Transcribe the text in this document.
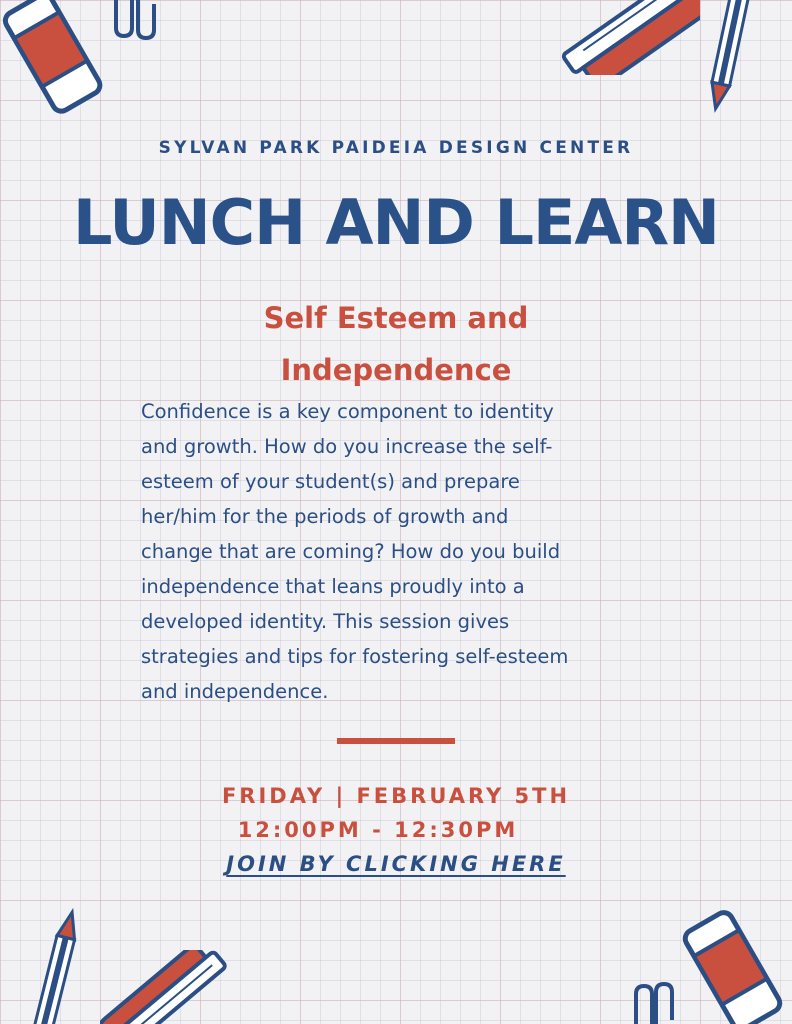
SYLVAN PARK PAIDEIA DESIGN CENTER
LUNCH AND LEARN
Self Esteem and
Independence
Confidence is a key component to identity
and growth. How do you increase the self-
esteem of your student(s) and prepare
her/him for the periods of growth and
change that are coming? How do you build
independence that leans proudly into a
developed identity. This session gives
strategies and tips for fostering self-esteem
and independence.
FRIDAY | FEBRUARY 5TH
12:00PM - 12:30PM
JOIN BY CLICKING HERE
